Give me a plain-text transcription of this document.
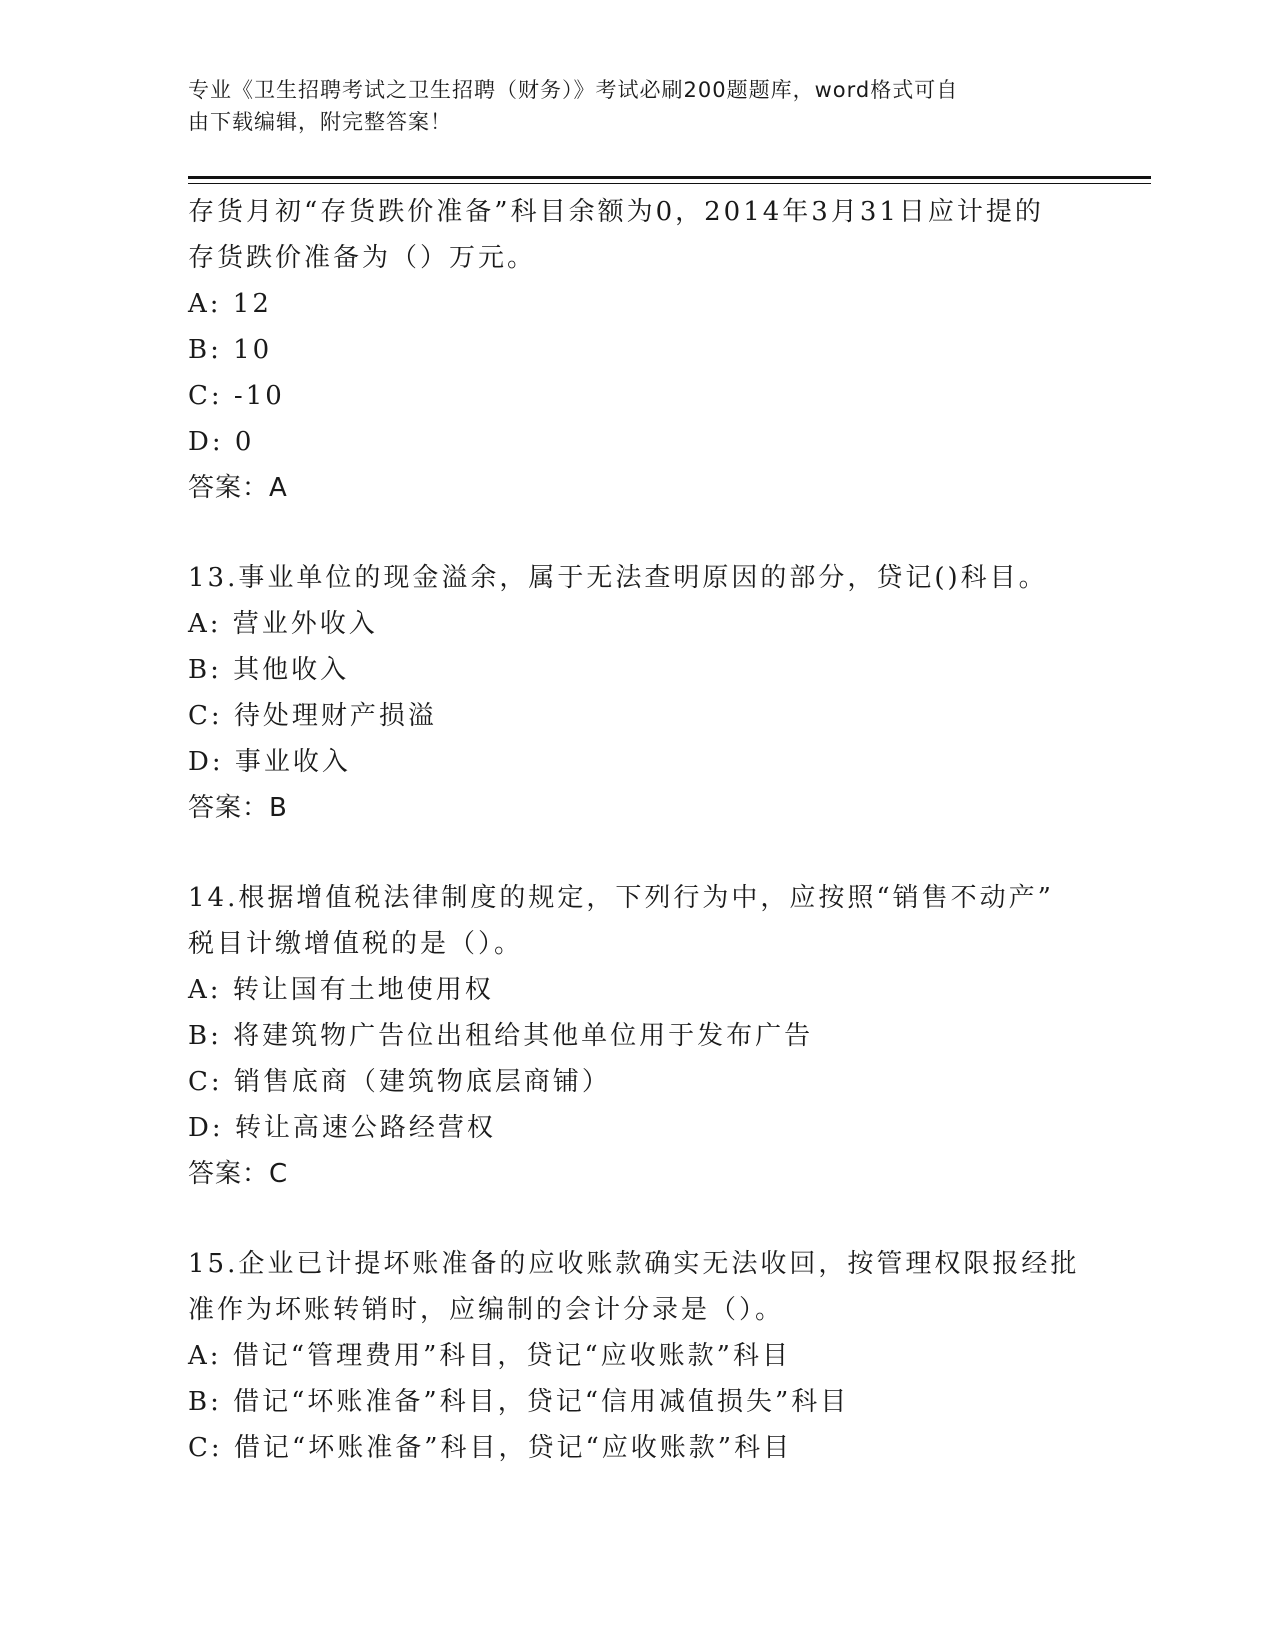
专业《卫生招聘考试之卫生招聘（财务）》考试必刷200题题库，word格式可自
由下载编辑，附完整答案！
存货月初“存货跌价准备”科目余额为0，2014年3月31日应计提的
存货跌价准备为（）万元。
A: 12
B: 10
C: -10
D: 0
答案：A
13.事业单位的现金溢余，属于无法查明原因的部分，贷记()科目。
A: 营业外收入
B: 其他收入
C: 待处理财产损溢
D: 事业收入
答案：B
14.根据增值税法律制度的规定，下列行为中，应按照“销售不动产”
税目计缴增值税的是（）。
A: 转让国有土地使用权
B: 将建筑物广告位出租给其他单位用于发布广告
C: 销售底商（建筑物底层商铺）
D: 转让高速公路经营权
答案：C
15.企业已计提坏账准备的应收账款确实无法收回，按管理权限报经批
准作为坏账转销时，应编制的会计分录是（）。
A: 借记“管理费用”科目，贷记“应收账款”科目
B: 借记“坏账准备”科目，贷记“信用减值损失”科目
C: 借记“坏账准备”科目，贷记“应收账款”科目
